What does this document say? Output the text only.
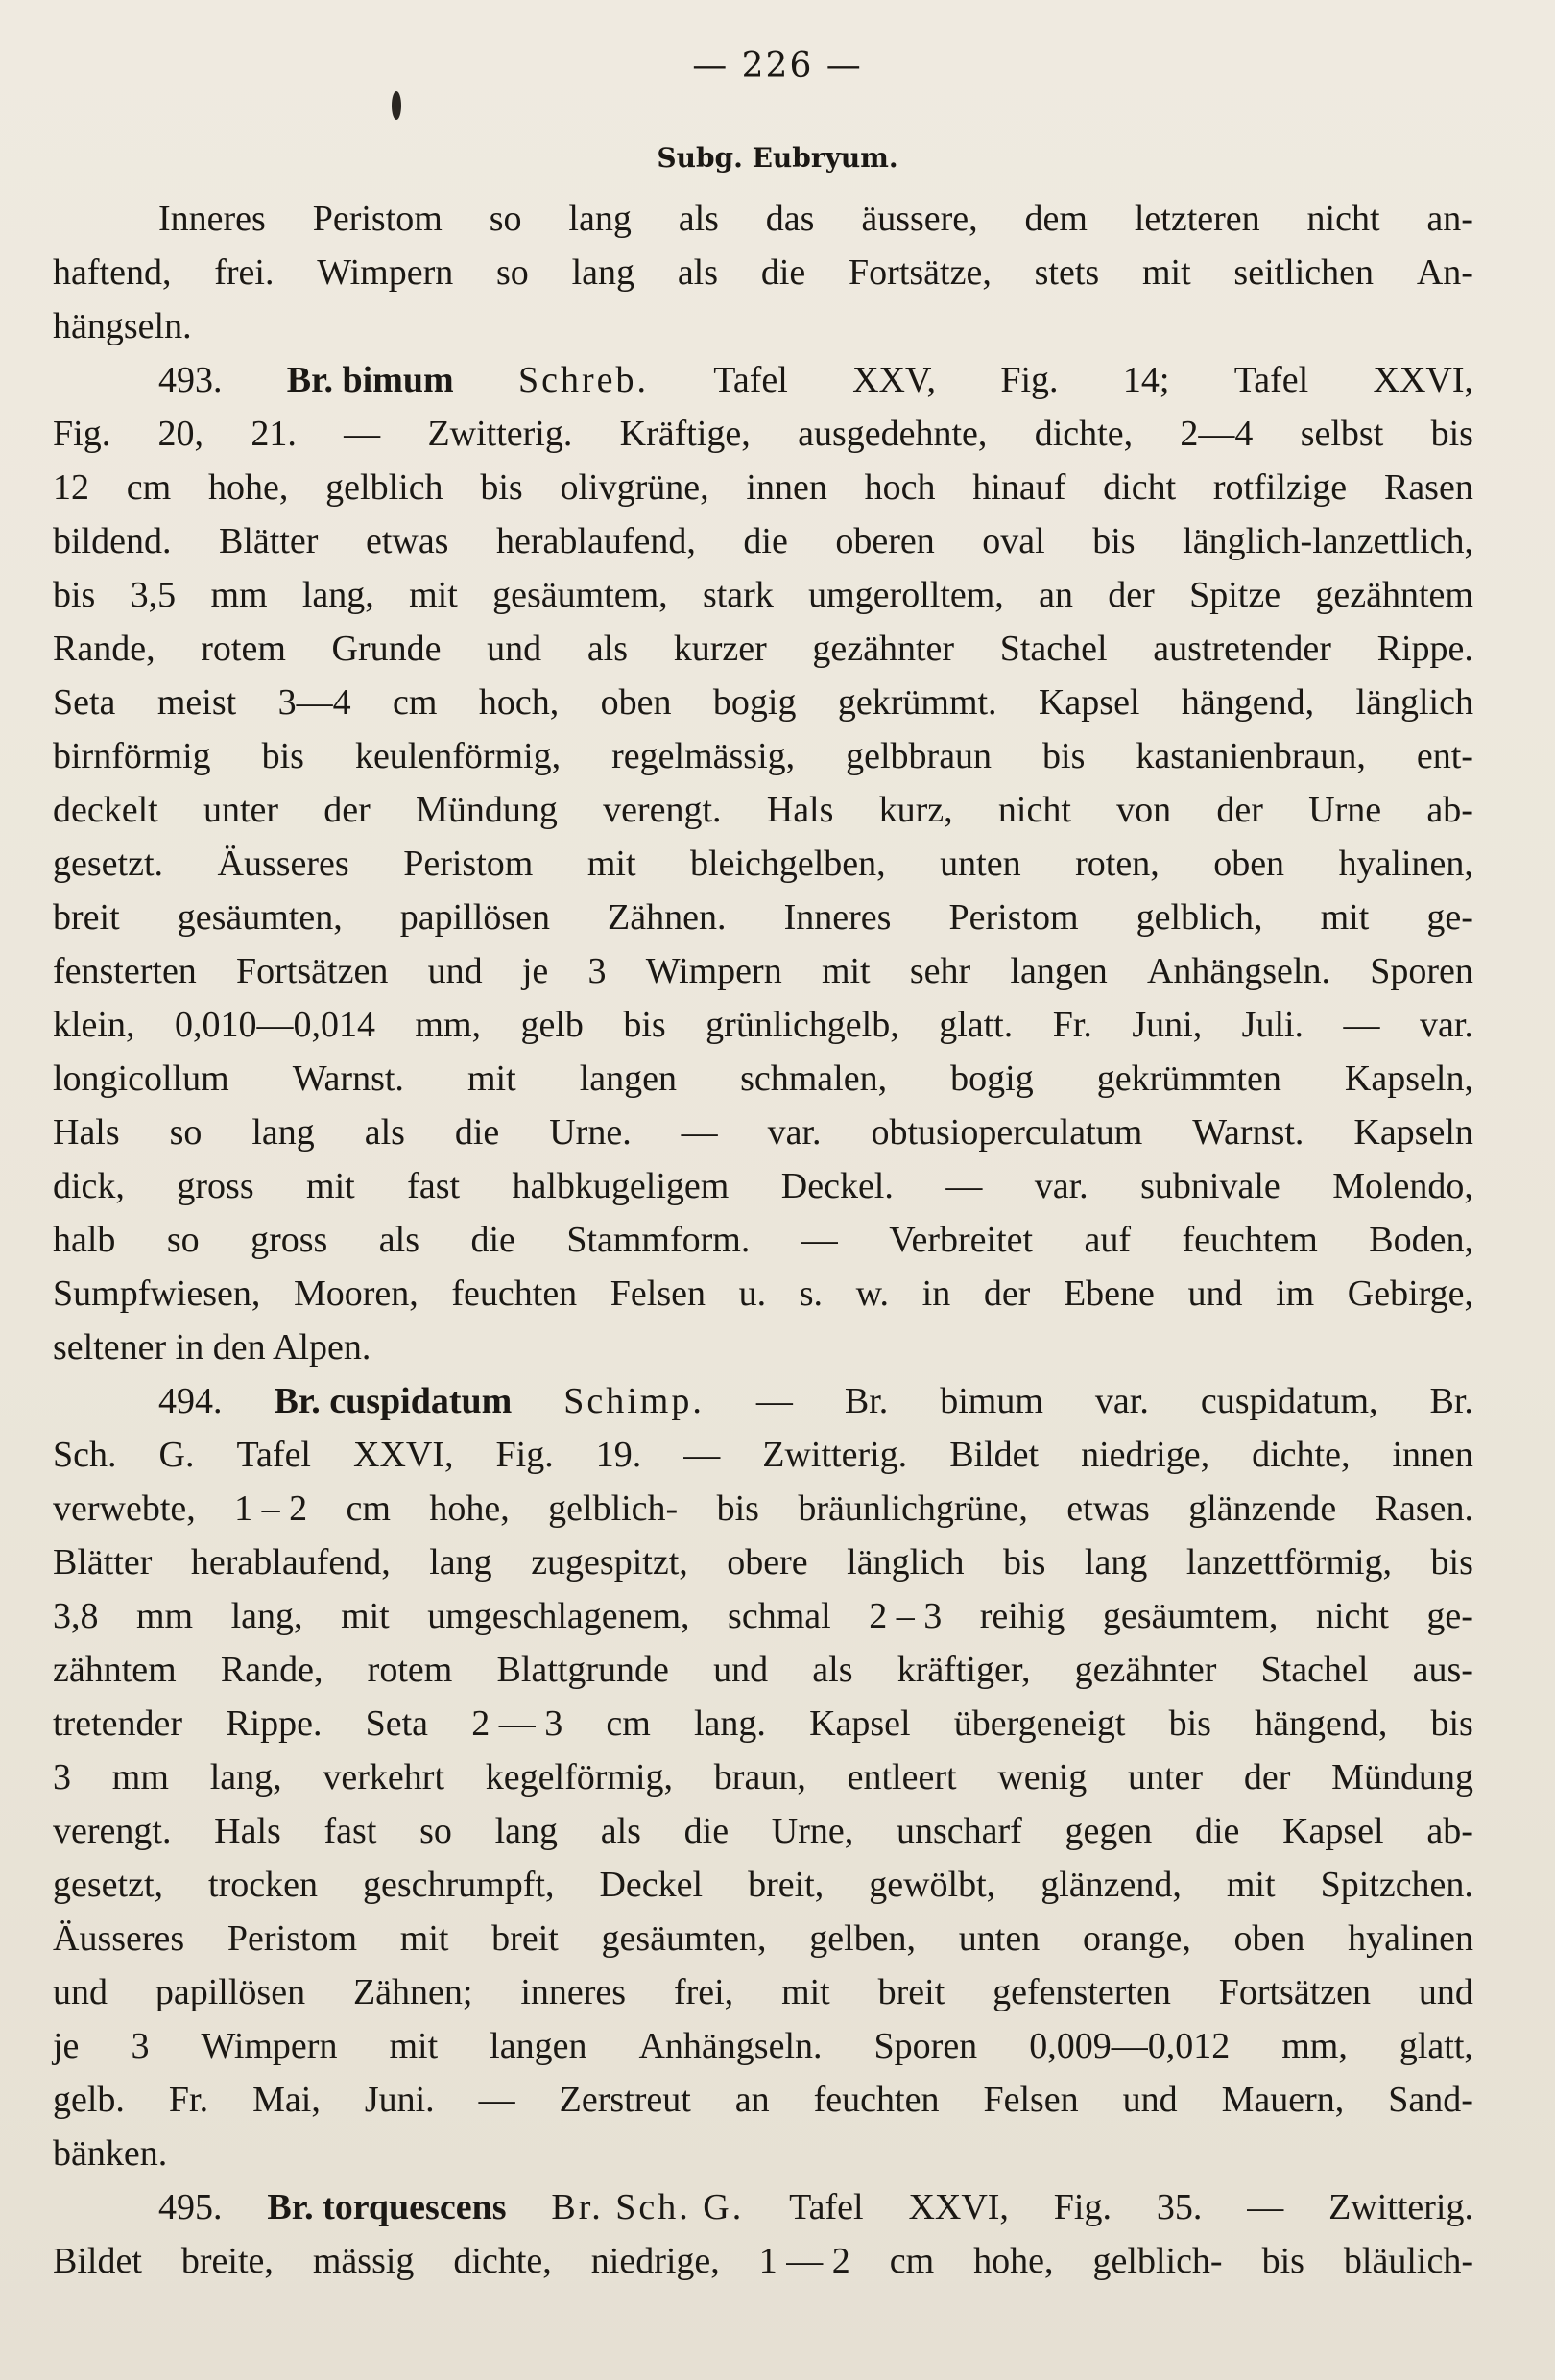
— 226 —
Subg. Eubryum.
Inneres Peristom so lang als das äussere, dem letzteren nicht an-
haftend, frei. Wimpern so lang als die Fortsätze, stets mit seitlichen An-
hängseln.
493. Br. bimum Schreb. Tafel XXV, Fig. 14; Tafel XXVI,
Fig. 20, 21. — Zwitterig. Kräftige, ausgedehnte, dichte, 2—4 selbst bis
12 cm hohe, gelblich bis olivgrüne, innen hoch hinauf dicht rotfilzige Rasen
bildend. Blätter etwas herablaufend, die oberen oval bis länglich-lanzettlich,
bis 3,5 mm lang, mit gesäumtem, stark umgerolltem, an der Spitze gezähntem
Rande, rotem Grunde und als kurzer gezähnter Stachel austretender Rippe.
Seta meist 3—4 cm hoch, oben bogig gekrümmt. Kapsel hängend, länglich
birnförmig bis keulenförmig, regelmässig, gelbbraun bis kastanienbraun, ent-
deckelt unter der Mündung verengt. Hals kurz, nicht von der Urne ab-
gesetzt. Äusseres Peristom mit bleichgelben, unten roten, oben hyalinen,
breit gesäumten, papillösen Zähnen. Inneres Peristom gelblich, mit ge-
fensterten Fortsätzen und je 3 Wimpern mit sehr langen Anhängseln. Sporen
klein, 0,010—0,014 mm, gelb bis grünlichgelb, glatt. Fr. Juni, Juli. — var.
longicollum Warnst. mit langen schmalen, bogig gekrümmten Kapseln,
Hals so lang als die Urne. — var. obtusioperculatum Warnst. Kapseln
dick, gross mit fast halbkugeligem Deckel. — var. subnivale Molendo,
halb so gross als die Stammform. — Verbreitet auf feuchtem Boden,
Sumpfwiesen, Mooren, feuchten Felsen u. s. w. in der Ebene und im Gebirge,
seltener in den Alpen.
494. Br. cuspidatum Schimp. — Br. bimum var. cuspidatum, Br.
Sch. G. Tafel XXVI, Fig. 19. — Zwitterig. Bildet niedrige, dichte, innen
verwebte, 1 – 2 cm hohe, gelblich- bis bräunlichgrüne, etwas glänzende Rasen.
Blätter herablaufend, lang zugespitzt, obere länglich bis lang lanzettförmig, bis
3,8 mm lang, mit umgeschlagenem, schmal 2 – 3 reihig gesäumtem, nicht ge-
zähntem Rande, rotem Blattgrunde und als kräftiger, gezähnter Stachel aus-
tretender Rippe. Seta 2 — 3 cm lang. Kapsel übergeneigt bis hängend, bis
3 mm lang, verkehrt kegelförmig, braun, entleert wenig unter der Mündung
verengt. Hals fast so lang als die Urne, unscharf gegen die Kapsel ab-
gesetzt, trocken geschrumpft, Deckel breit, gewölbt, glänzend, mit Spitzchen.
Äusseres Peristom mit breit gesäumten, gelben, unten orange, oben hyalinen
und papillösen Zähnen; inneres frei, mit breit gefensterten Fortsätzen und
je 3 Wimpern mit langen Anhängseln. Sporen 0,009—0,012 mm, glatt,
gelb. Fr. Mai, Juni. — Zerstreut an feuchten Felsen und Mauern, Sand-
bänken.
495. Br. torquescens Br. Sch. G. Tafel XXVI, Fig. 35. — Zwitterig.
Bildet breite, mässig dichte, niedrige, 1 — 2 cm hohe, gelblich- bis bläulich-
